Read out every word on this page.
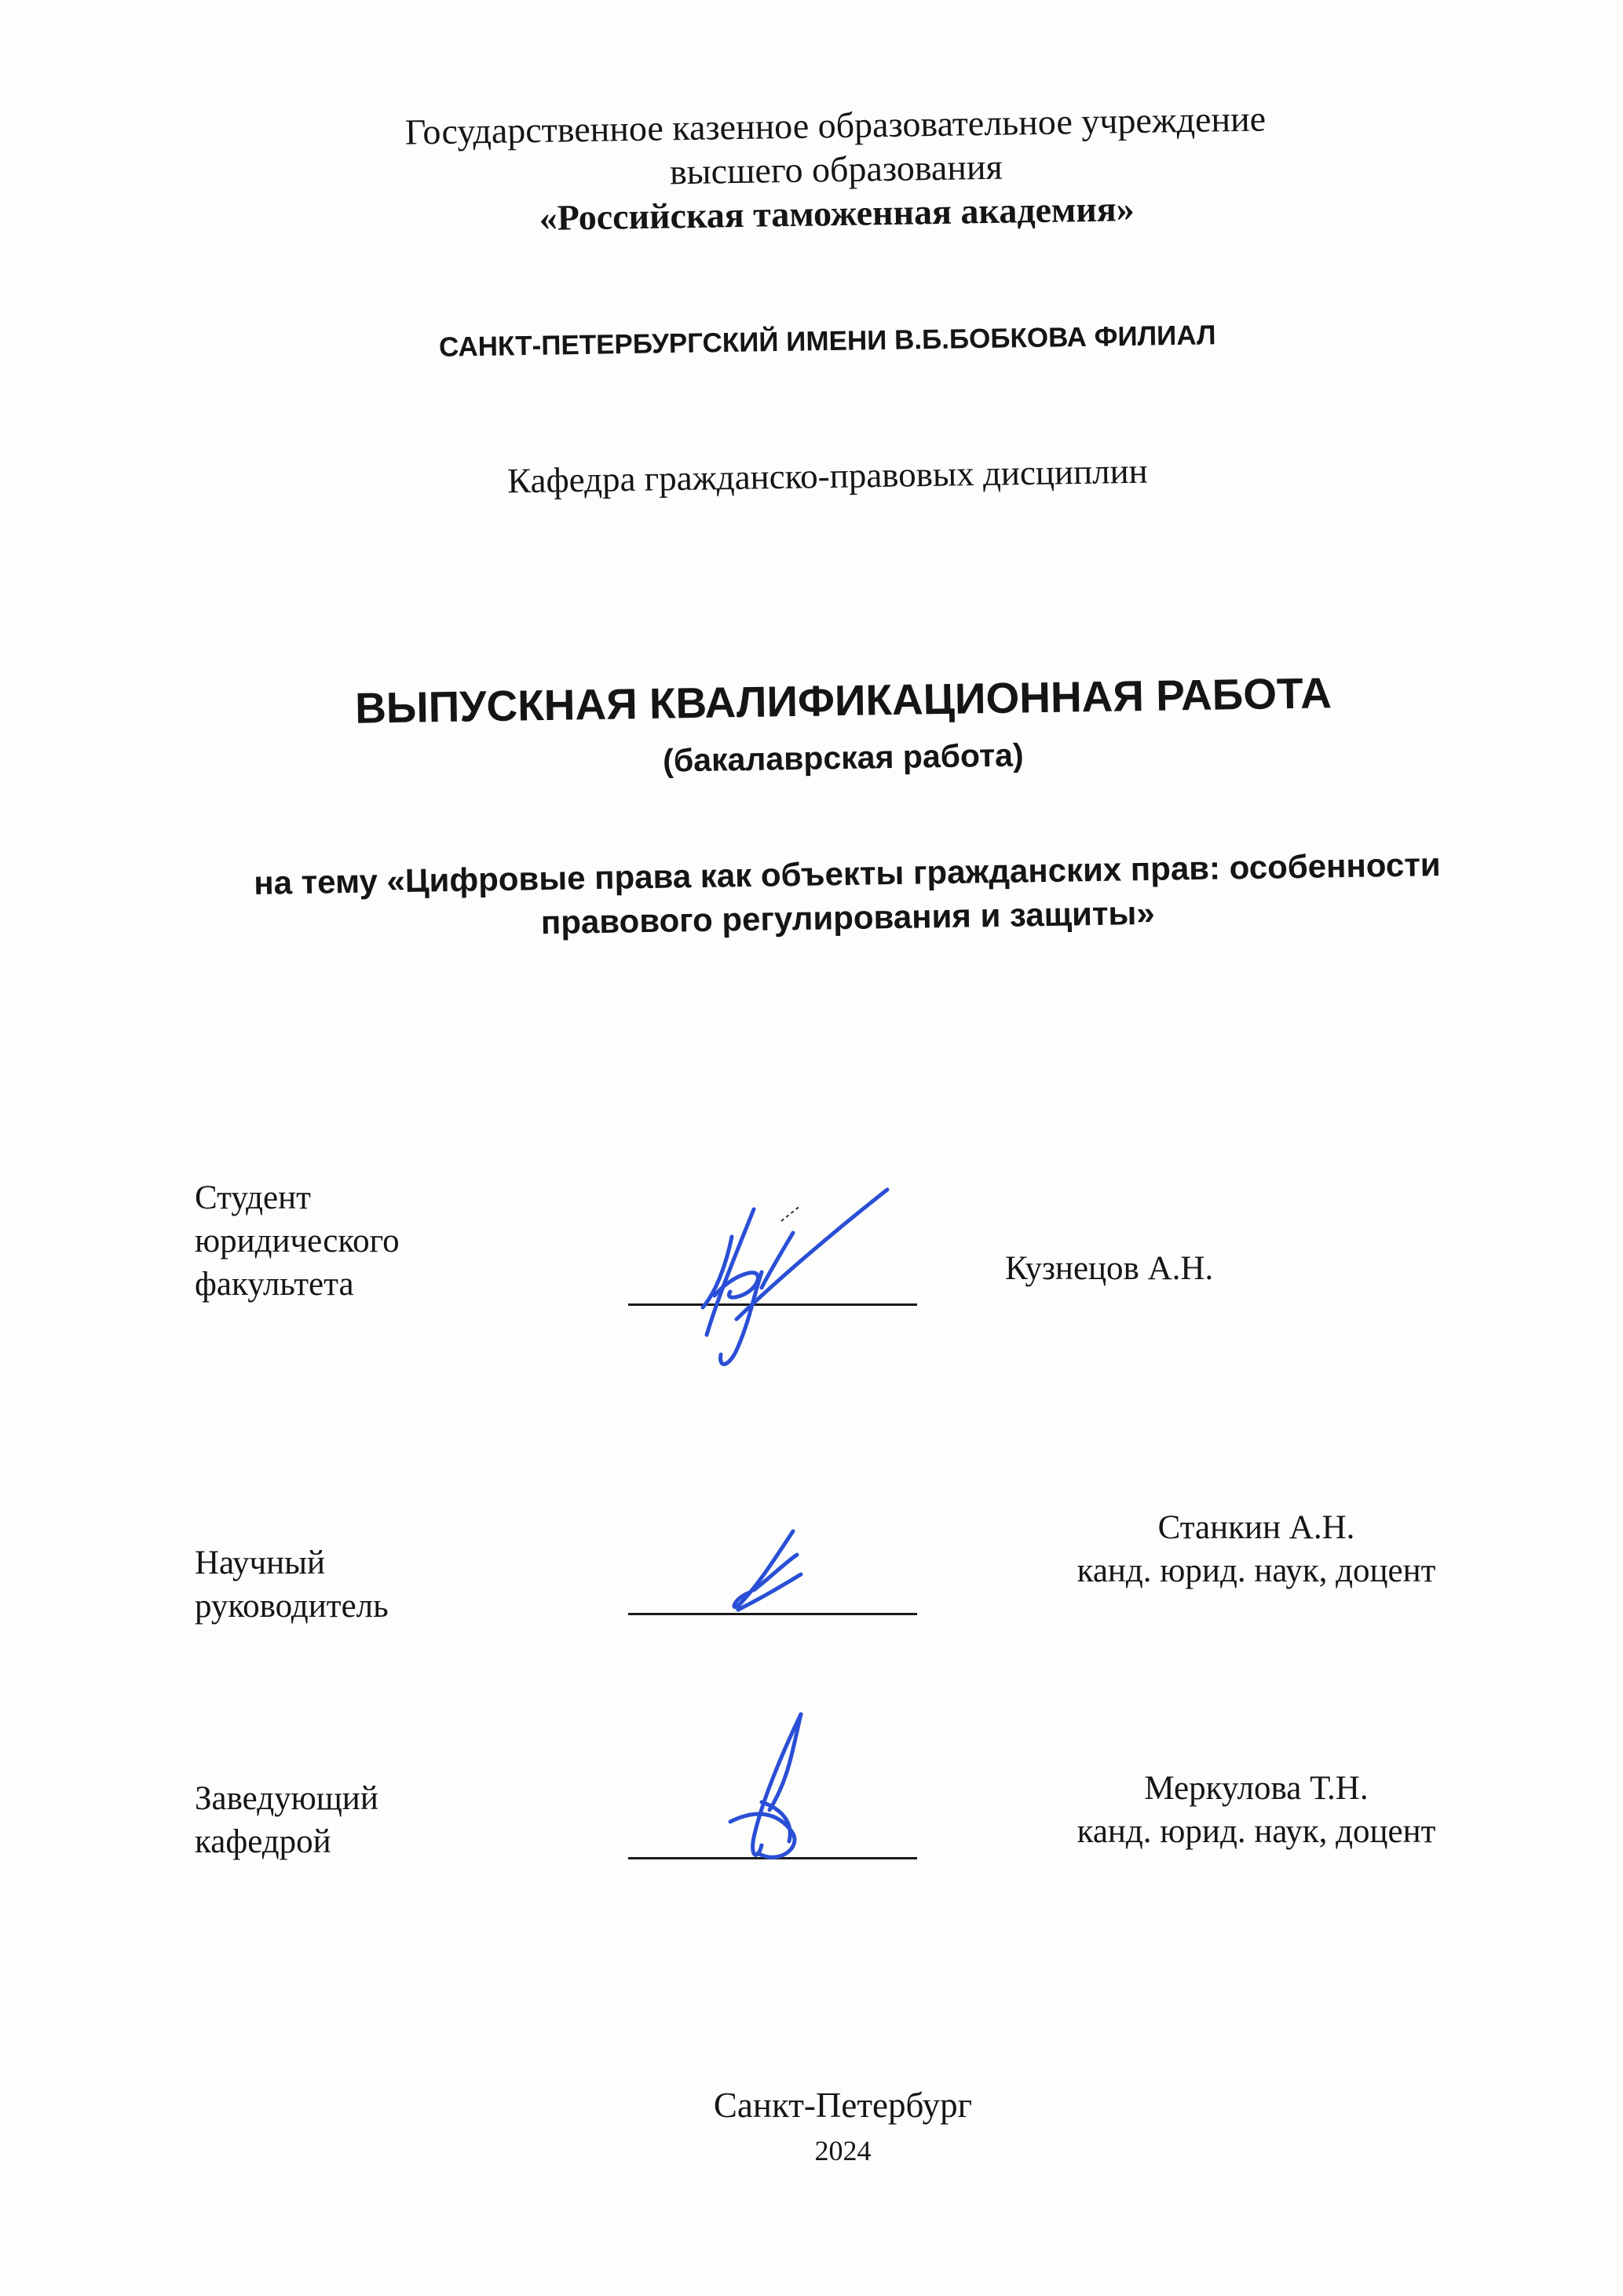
Государственное казенное образовательное учреждение
высшего образования
«Российская таможенная академия»
САНКТ-ПЕТЕРБУРГСКИЙ ИМЕНИ В.Б.БОБКОВА ФИЛИАЛ
Кафедра гражданско-правовых дисциплин
ВЫПУСКНАЯ КВАЛИФИКАЦИОННАЯ РАБОТА
(бакалаврская работа)
на тему «Цифровые права как объекты гражданских прав: особенности
правового регулирования и защиты»
Студент
юридического
факультета	Кузнецов А.Н.
Научный
руководитель
Станкин А.Н.
канд. юрид. наук, доцент
Заведующий
кафедрой
Меркулова Т.Н.
канд. юрид. наук, доцент
Санкт-Петербург
2024
